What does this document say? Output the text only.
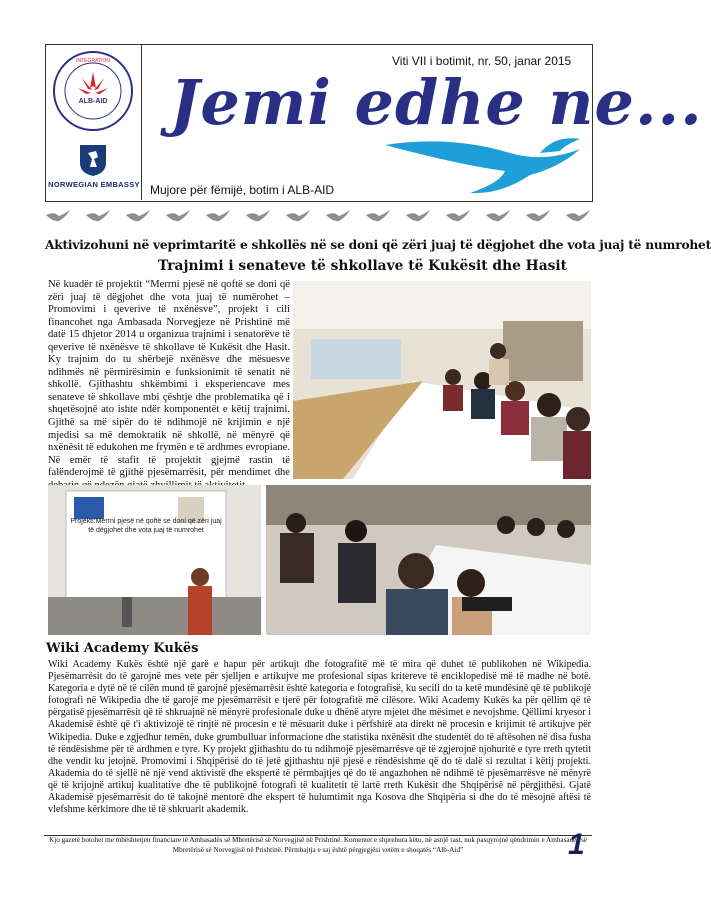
ALB-AID
INTEGRATION
NORWEGIAN EMBASSY
Viti VII i botimit, nr. 50, janar 2015
Jemi edhe ne...
Mujore për fëmijë, botim i ALB-AID
Aktivizohuni në veprimtaritë e shkollës në se doni që zëri juaj të dëgjohet dhe vota juaj të numrohet
Trajnimi i senateve të shkollave të Kukësit dhe Hasit
Në kuadër të projektit “Merrni pjesë në qoftë se doni që zëri juaj të dëgjohet dhe vota juaj të numërohet – Promovimi i qeverive të nxënësve”, projekt i cili financohet nga Ambasada Norvegjeze në Prishtinë më datë 15 dhjetor 2014 u organizua trajnimi i senatorëve të qeverive të nxënësve të shkollave të Kukësit dhe Hasit. Ky trajnim do tu shërbejë nxënësve dhe mësuesve ndihmës në përmirësimin e funksionimit të senatit në shkollë. Gjithashtu shkëmbimi i eksperiencave mes senateve të shkollave mbi çështje dhe problematika që i shqetësojnë ato ishte ndër komponentët e këtij trajnimi. Gjithë sa më sipër do të ndihmojë në krijimin e një mjedisi sa më demokratik në shkollë, në mënyrë që nxënësit të edukohen me frymën e të ardhmes evropiane. Në emër të stafit të projektit gjejmë rastin të falënderojmë të gjithë pjesëmarrësit, për mendimet dhe
Projekti:Merrni pjesë në qoftë se doni që zëri juaj të dëgjohet dhe vota juaj të numrohet
Wiki Academy Kukës
Wiki Academy Kukës është një garë e hapur për artikujt dhe fotografitë më të mira që duhet të publikohen në Wikipedia. Pjesëmarrësit do të garojnë mes vete për sjelljen e artikujve me profesional sipas kritereve të enciklopedisë më të madhe në botë. Kategoria e dytë në të cilën mund të garojnë pjesëmarrësit është kategoria e fotografisë, ku secili do ta ketë mundësinë që të publikojë fotografi në Wikipedia dhe të garojë me pjesëmarrësit e tjerë për fotografitë më cilësore. Wiki Academy Kukës ka për qëllim që të përgatisë pjesëmarrësit që të shkruajnë në mënyrë profesionale duke u dhënë atyre mjetet dhe mësimet e nevojshme. Qëllimi kryesor i Akademisë është që t'i aktivizojë të rinjtë në procesin e të mësuarit duke i përfshirë ata direkt në procesin e krijimit të artikujve për Wikipedia. Duke e zgjedhur temën, duke grumbulluar informacione dhe statistika nxënësit dhe studentët do të aftësohen në disa fusha të rëndësishme për të ardhmen e tyre. Ky projekt gjithashtu do tu ndihmojë pjesëmarrësve që të zgjerojnë njohuritë e tyre rreth qytetit dhe vendit ku jetojnë. Promovimi i Shqipërisë do të jetë gjithashtu një pjesë e rëndësishme që do të dalë si rezultat i këtij projekti. Akademia do të sjellë në një vend aktivistë dhe ekspertë të përmbajtjes që do të angazhohen në ndihmë të pjesëmarrësve në mënyrë që të krijojnë artikuj kualitative dhe të publikojnë fotografi të kualitetit të lartë rreth Kukësit dhe Shqipërisë në përgjithësi. Gjatë Akademisë pjesëmarrësit do të takojnë mentorë dhe ekspert të hulumtimit nga Kosova dhe Shqipëria si dhe do të mësojnë aftësi të vlefshme kërkimore dhe të të shkruarit akademik.
Kjo gazetë botohet me mbështetjen financiare të Ambasadës së Mbretërisë së Norvegjisë në Prishtinë. Komentet e shprehura këtu, në asnjë rast, nuk pasqyrojnë qëndrimin e Ambasadës së Mbretërisë së Norvegjisë në Prishtinë. Përmbajtja e saj është përgjegjësi vetëm e shoqatës “Alb-Aid”	1
